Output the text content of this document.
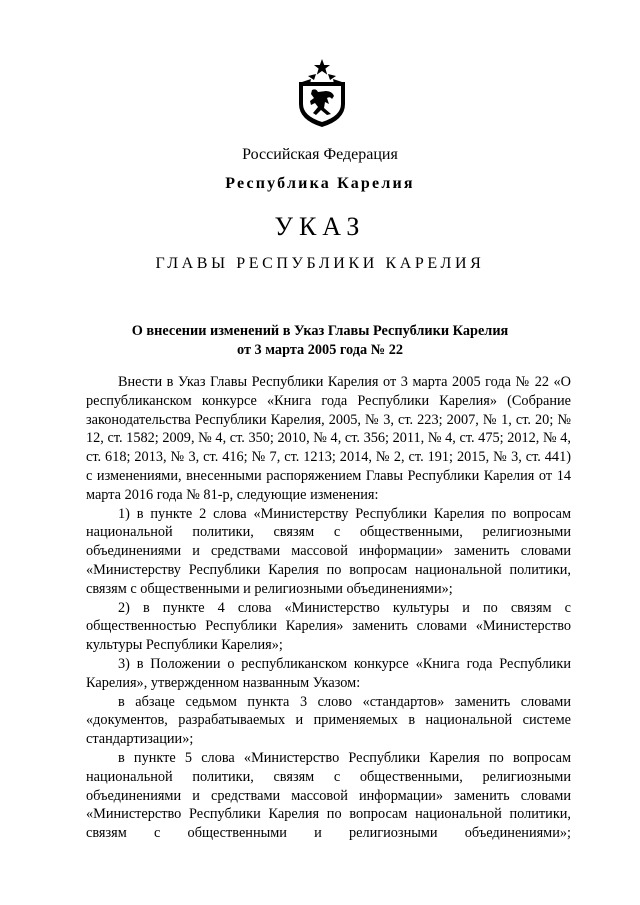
Российская Федерация
Республика Карелия
УКАЗ
ГЛАВЫ РЕСПУБЛИКИ КАРЕЛИЯ
О внесении изменений в Указ Главы Республики Карелия
от 3 марта 2005 года № 22

Внести в Указ Главы Республики Карелия от 3 марта 2005 года № 22 «О республиканском конкурсе «Книга года Республики Карелия» (Собрание законодательства Республики Карелия, 2005, № 3, ст. 223; 2007, № 1, ст. 20; № 12, ст. 1582; 2009, № 4, ст. 350; 2010, № 4, ст. 356; 2011, № 4, ст. 475; 2012, № 4, ст. 618; 2013, № 3, ст. 416; № 7, ст. 1213; 2014, № 2, ст. 191; 2015, № 3, ст. 441) с изменениями, внесенными распоряжением Главы Республики Карелия от 14 марта 2016 года № 81-р, следующие изменения:

1) в пункте 2 слова «Министерству Республики Карелия по вопросам национальной политики, связям с общественными, религиозными объединениями и средствами массовой информации» заменить словами «Министерству Республики Карелия по вопросам национальной политики, связям с общественными и религиозными объединениями»;

2) в пункте 4 слова «Министерство культуры и по связям с общественностью Республики Карелия» заменить словами «Министерство культуры Республики Карелия»;

3) в Положении о республиканском конкурсе «Книга года Республики Карелия», утвержденном названным Указом:

в абзаце седьмом пункта 3 слово «стандартов» заменить словами «документов, разрабатываемых и применяемых в национальной системе стандартизации»;

в пункте 5 слова «Министерство Республики Карелия по вопросам национальной политики, связям с общественными, религиозными объединениями и средствами массовой информации» заменить словами «Министерство Республики Карелия по вопросам национальной политики, связям с общественными и религиозными объединениями»;
